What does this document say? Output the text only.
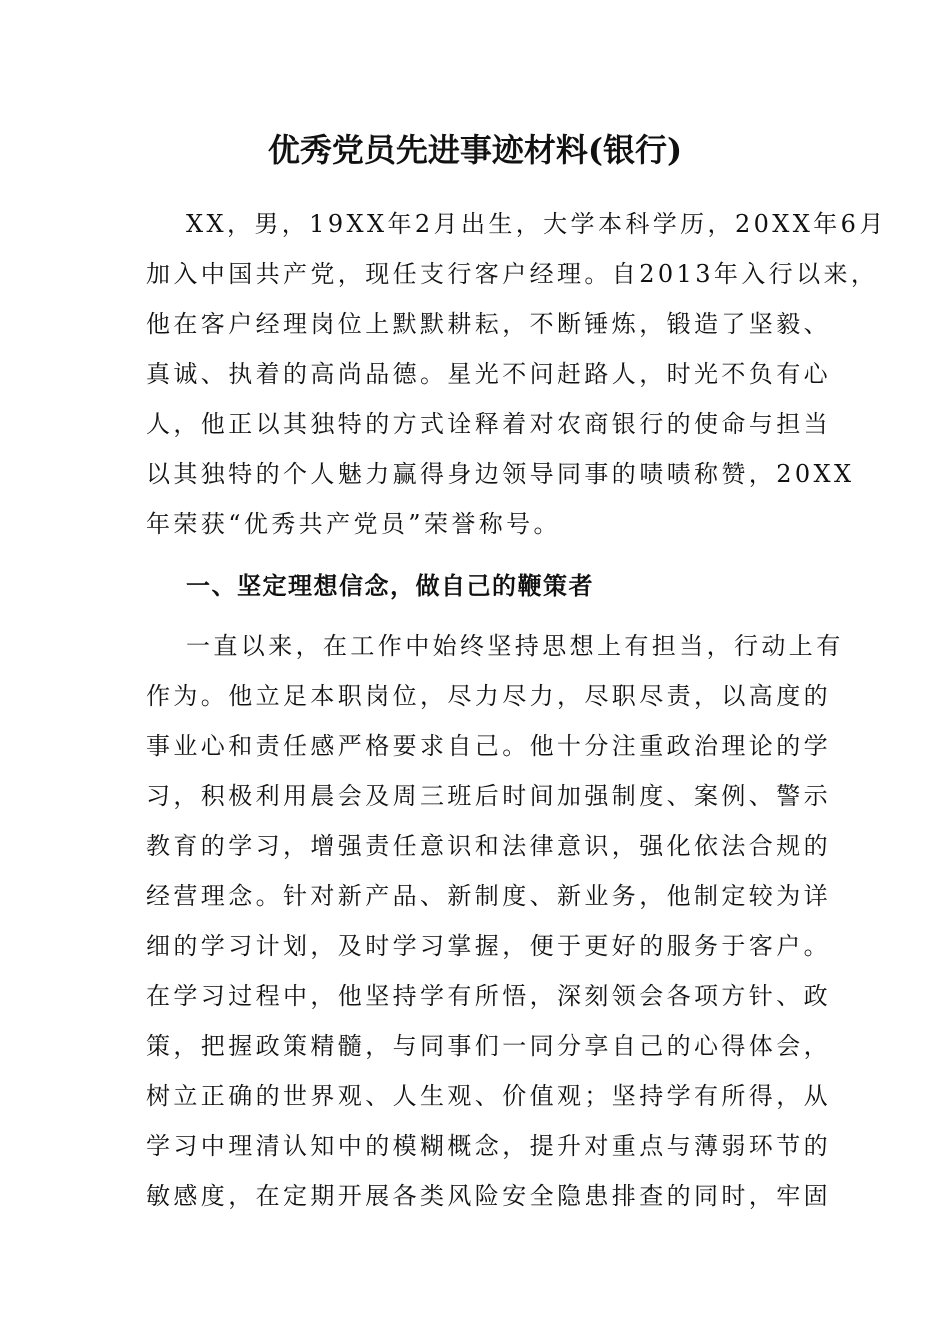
优秀党员先进事迹材料(银行)
XX，男，19XX年2月出生，大学本科学历，20XX年6月
加入中国共产党，现任支行客户经理。自2013年入行以来，
他在客户经理岗位上默默耕耘，不断锤炼，锻造了坚毅、
真诚、执着的高尚品德。星光不问赶路人，时光不负有心
人，他正以其独特的方式诠释着对农商银行的使命与担当
以其独特的个人魅力赢得身边领导同事的啧啧称赞，20XX
年荣获“优秀共产党员”荣誉称号。
一、坚定理想信念，做自己的鞭策者
一直以来，在工作中始终坚持思想上有担当，行动上有
作为。他立足本职岗位，尽力尽力，尽职尽责，以高度的
事业心和责任感严格要求自己。他十分注重政治理论的学
习，积极利用晨会及周三班后时间加强制度、案例、警示
教育的学习，增强责任意识和法律意识，强化依法合规的
经营理念。针对新产品、新制度、新业务，他制定较为详
细的学习计划，及时学习掌握，便于更好的服务于客户。
在学习过程中，他坚持学有所悟，深刻领会各项方针、政
策，把握政策精髓，与同事们一同分享自己的心得体会，
树立正确的世界观、人生观、价值观；坚持学有所得，从
学习中理清认知中的模糊概念，提升对重点与薄弱环节的
敏感度，在定期开展各类风险安全隐患排查的同时，牢固
